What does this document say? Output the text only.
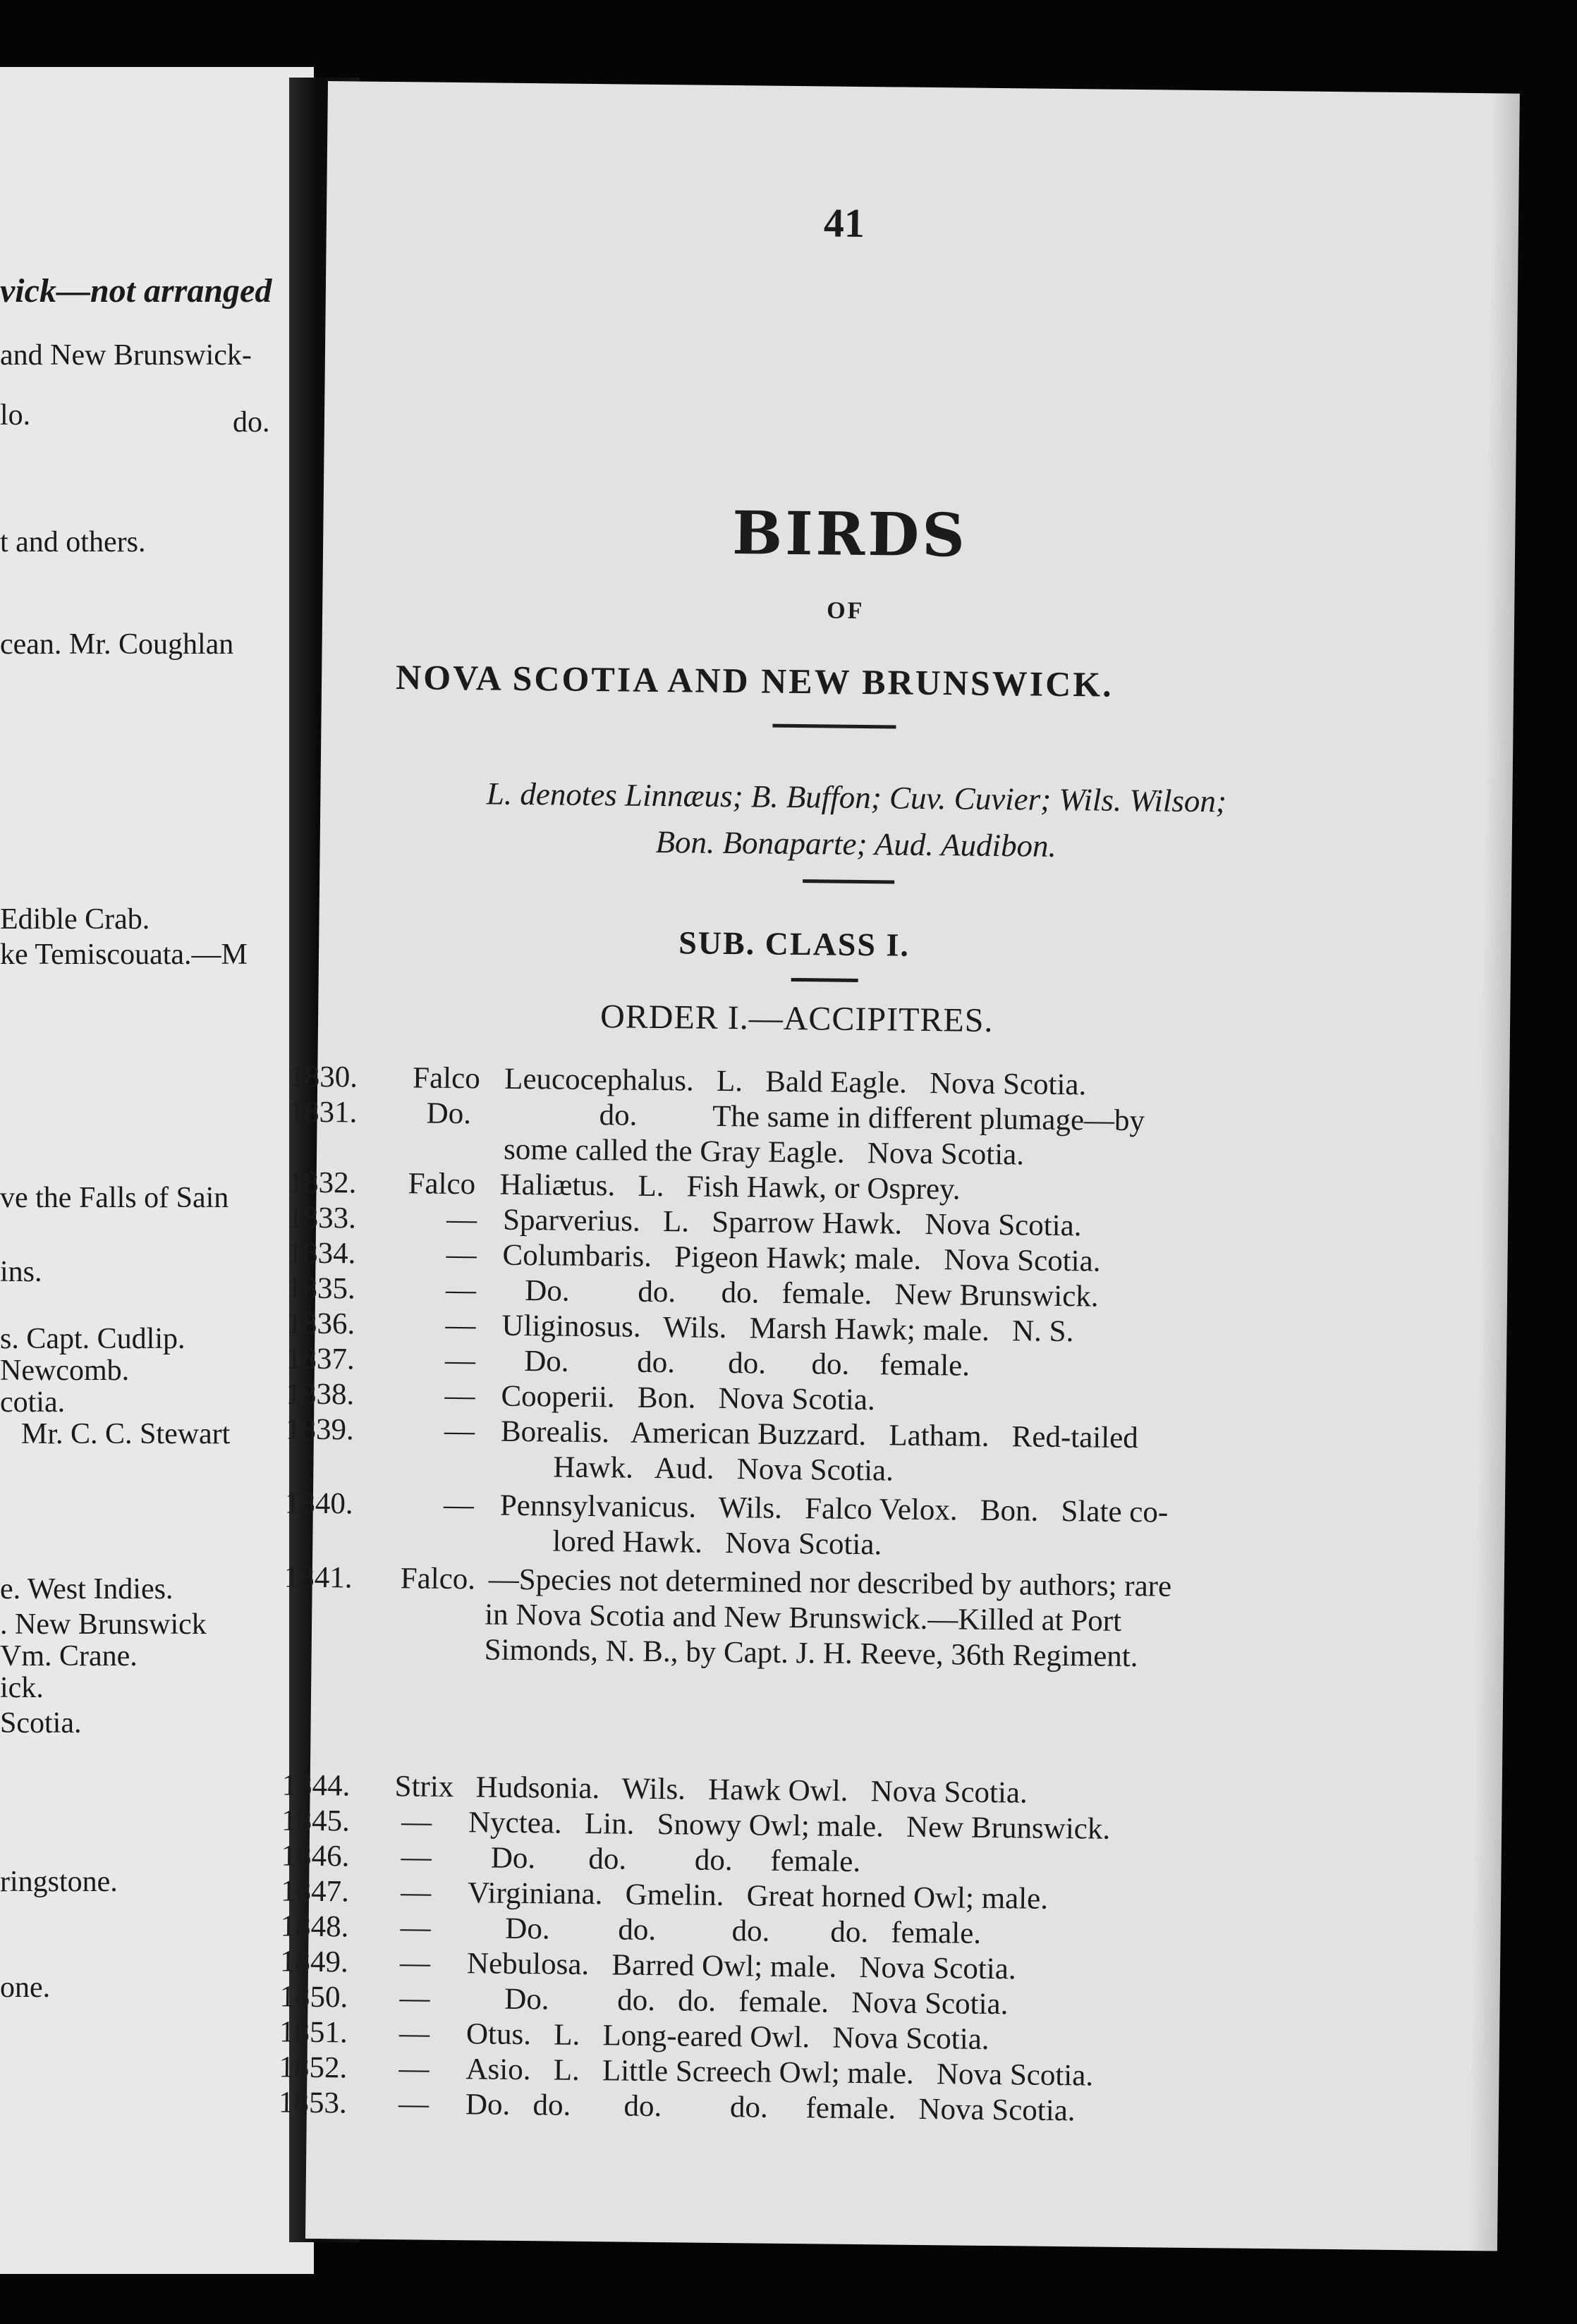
vick—not arranged
and New Brunswick-
lo.	do.
t and others.
cean. Mr. Coughlan
Edible Crab.
ke Temiscouata.—M
ve the Falls of Sain
ins.
s. Capt. Cudlip.
Newcomb.
cotia.
Mr. C. C. Stewart
e. West Indies.
. New Brunswick
Vm. Crane.
ick.
Scotia.
ringstone.
one.
41
BIRDS
OF
NOVA SCOTIA AND NEW BRUNSWICK.
L. denotes Linnæus; B. Buffon; Cuv. Cuvier; Wils. Wilson;
Bon. Bonaparte; Aud. Audibon.
SUB. CLASS I.
ORDER I.—ACCIPITRES.
1830. Falco Leucocephalus.   L.   Bald Eagle.   Nova Scotia.
1831. Do.	do.          The same in different plumage—by
some called the Gray Eagle.   Nova Scotia.
1832. Falco Haliætus.   L.   Fish Hawk, or Osprey.
1833.	— Sparverius.   L.   Sparrow Hawk.   Nova Scotia.
1834.	— Columbaris.   Pigeon Hawk; male.   Nova Scotia.
1835.	— Do.         do.      do.   female.   New Brunswick.
1836.	— Uliginosus.   Wils.   Marsh Hawk; male.   N. S.
1837.	— Do.         do.       do.      do.    female.
1838.	— Cooperii.   Bon.   Nova Scotia.
1839.	— Borealis.   American Buzzard.   Latham.   Red-tailed
Hawk.   Aud.   Nova Scotia.
1840.	— Pennsylvanicus.   Wils.   Falco Velox.   Bon.   Slate co-
lored Hawk.   Nova Scotia.
1841. Falco. —Species not determined nor described by authors; rare
in Nova Scotia and New Brunswick.—Killed at Port
Simonds, N. B., by Capt. J. H. Reeve, 36th Regiment.
1844. Strix Hudsonia.   Wils.   Hawk Owl.   Nova Scotia.
1845. — Nyctea.   Lin.   Snowy Owl; male.   New Brunswick.
1846. — Do.       do.         do.     female.
1847. — Virginiana.   Gmelin.   Great horned Owl; male.
1848. — Do.         do.          do.        do.   female.
1849. — Nebulosa.   Barred Owl; male.   Nova Scotia.
1850. — Do.         do.   do.   female.   Nova Scotia.
1851. — Otus.   L.   Long-eared Owl.   Nova Scotia.
1852. — Asio.   L.   Little Screech Owl; male.   Nova Scotia.
1853. — Do.   do.       do.         do.     female.   Nova Scotia.
